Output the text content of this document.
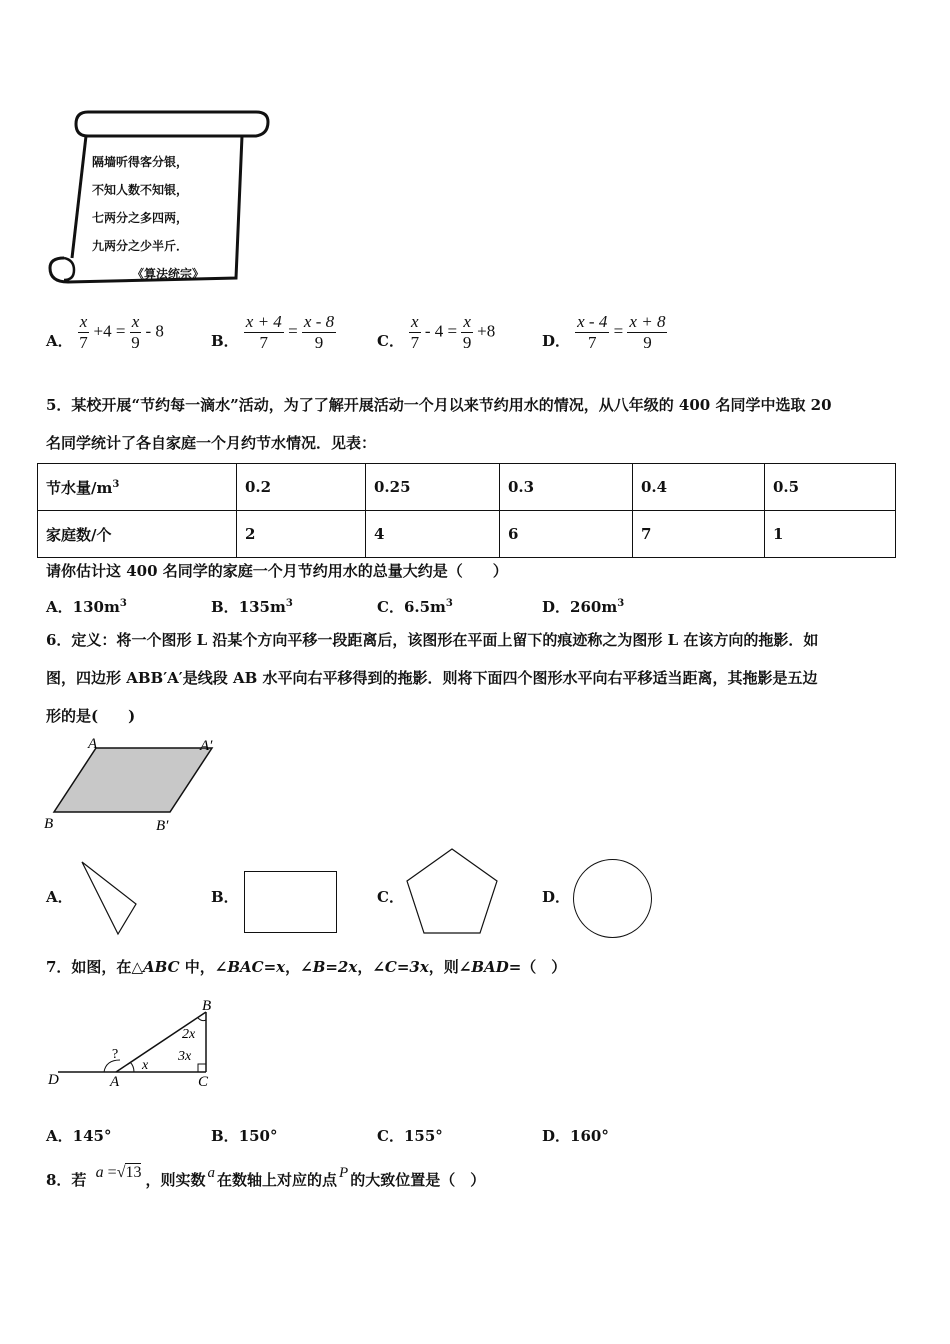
隔墙听得客分银，
不知人数不知银，
七两分之多四两，
九两分之少半斤．
《算法统宗》
A． $\frac{x}{7} +4 = \frac{x}{9} - 8$
B． $\frac{x + 4}{7} = \frac{x - 8}{9}$	C． $\frac{x}{7} - 4 = \frac{x}{9} +8$
D． $\frac{x - 4}{7} = \frac{x + 8}{9}$
5．某校开展“节约每一滴水”活动，为了了解开展活动一个月以来节约用水的情况，从八年级的 400 名同学中选取 20
名同学统计了各自家庭一个月约节水情况．见表：
节水量$/m^3$	0.2	0.25	0.3	0.4	0.5
家庭数/个	2	4	6	7	1
请你估计这 400 名同学的家庭一个月节约用水的总量大约是（　　）
A．$130m^3$	B．$135m^3$	C．$6.5m^3$	D．$260m^3$
6．定义：将一个图形 L 沿某个方向平移一段距离后，该图形在平面上留下的痕迹称之为图形 L 在该方向的拖影．如
图，四边形 ABB′A′是线段 AB 水平向右平移得到的拖影．则将下面四个图形水平向右平移适当距离，其拖影是五边
形的是(　　)
A	A′
B	B′
A．	B．	C．	D．
7．如图，在△ABC 中，∠BAC=x，∠B=2x，∠C=3x，则∠BAD=（　）
B
D	A	C
2x
3x
x
?
A．145°	B．150°	C．155°	D．160°
8．若 a =√13 ，则实数 a 在数轴上对应的点 P 的大致位置是（　）
